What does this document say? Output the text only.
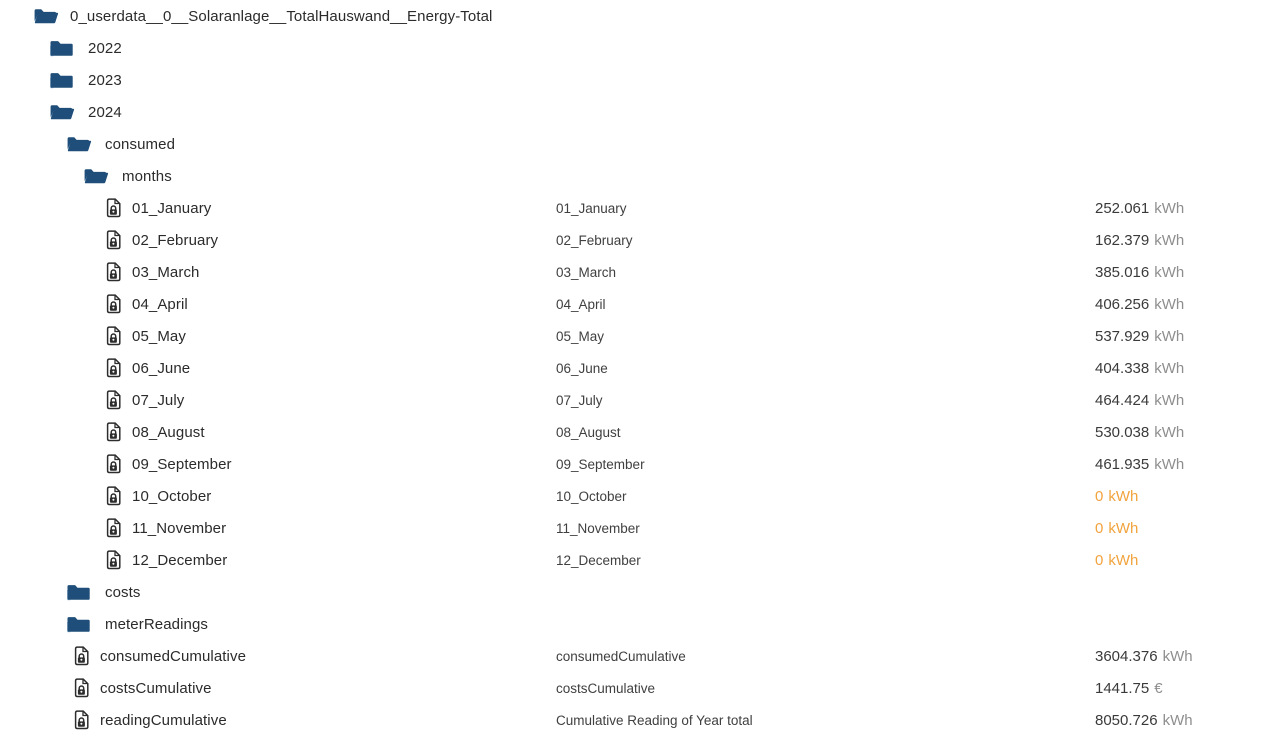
0_userdata__0__Solaranlage__TotalHauswand__Energy-Total
2022
2023
2024
consumed
months
01_January	01_January	252.061 kWh
02_February	02_February	162.379 kWh
03_March	03_March	385.016 kWh
04_April	04_April	406.256 kWh
05_May	05_May	537.929 kWh
06_June	06_June	404.338 kWh
07_July	07_July	464.424 kWh
08_August	08_August	530.038 kWh
09_September	09_September	461.935 kWh
10_October	10_October	0 kWh
11_November	11_November	0 kWh
12_December	12_December	0 kWh
costs
meterReadings
consumedCumulative	consumedCumulative	3604.376 kWh
costsCumulative	costsCumulative	1441.75 €
readingCumulative	Cumulative Reading of Year total	8050.726 kWh
